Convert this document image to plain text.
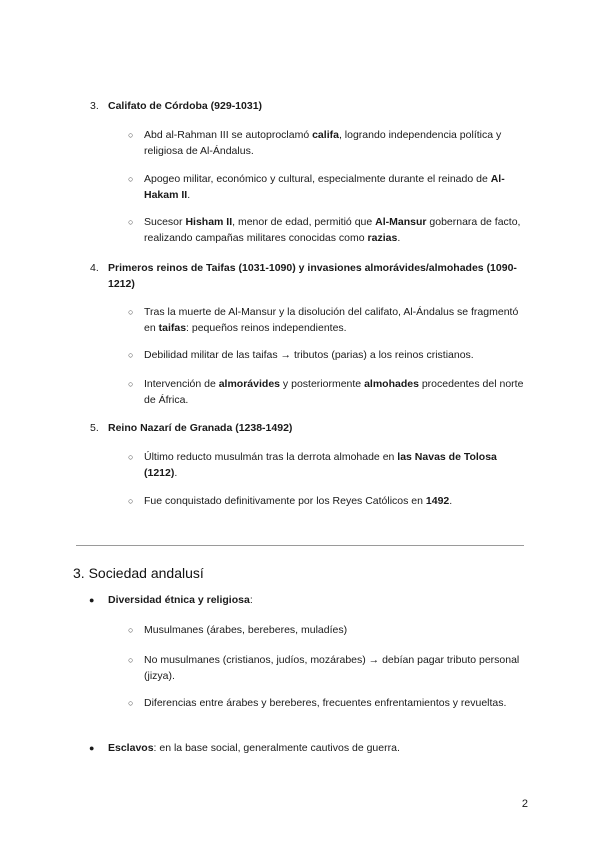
3. Califato de Córdoba (929-1031)
○ Abd al-Rahman III se autoproclamó califa, logrando independencia política y religiosa de Al-Ándalus.
○ Apogeo militar, económico y cultural, especialmente durante el reinado de Al-Hakam II.
○ Sucesor Hisham II, menor de edad, permitió que Al-Mansur gobernara de facto, realizando campañas militares conocidas como razias.
4. Primeros reinos de Taifas (1031-1090) y invasiones almorávides/almohades (1090-1212)
○ Tras la muerte de Al-Mansur y la disolución del califato, Al-Ándalus se fragmentó en taifas: pequeños reinos independientes.
○ Debilidad militar de las taifas → tributos (parias) a los reinos cristianos.
○ Intervención de almorávides y posteriormente almohades procedentes del norte de África.
5. Reino Nazarí de Granada (1238-1492)
○ Último reducto musulmán tras la derrota almohade en las Navas de Tolosa (1212).
○ Fue conquistado definitivamente por los Reyes Católicos en 1492.
3. Sociedad andalusí
● Diversidad étnica y religiosa:
○ Musulmanes (árabes, bereberes, muladíes)
○ No musulmanes (cristianos, judíos, mozárabes) → debían pagar tributo personal (jizya).
○ Diferencias entre árabes y bereberes, frecuentes enfrentamientos y revueltas.
● Esclavos: en la base social, generalmente cautivos de guerra.
2
